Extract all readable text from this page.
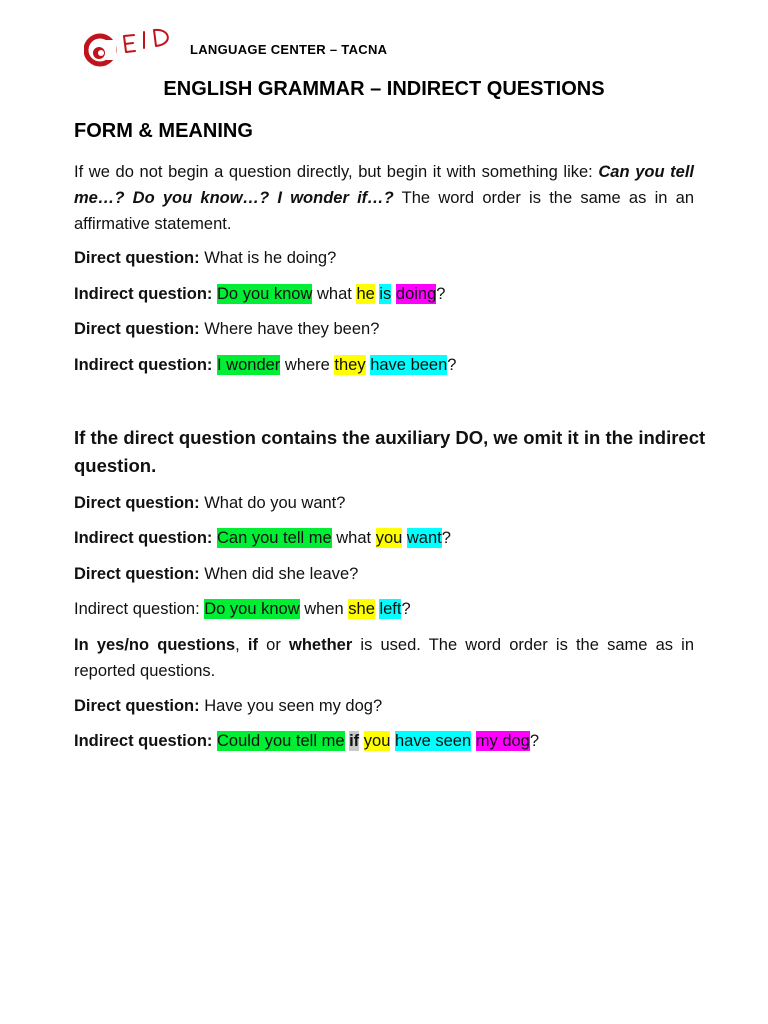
LANGUAGE CENTER – TACNA
ENGLISH GRAMMAR – INDIRECT QUESTIONS
FORM & MEANING
If we do not begin a question directly, but begin it with something like: Can you tell me…? Do you know…? I wonder if…? The word order is the same as in an affirmative statement.
Direct question: What is he doing?
Indirect question: Do you know what he is doing?
Direct question: Where have they been?
Indirect question: I wonder where they have been?
If the direct question contains the auxiliary DO, we omit it in the indirect question.
Direct question: What do you want?
Indirect question: Can you tell me what you want?
Direct question: When did she leave?
Indirect question: Do you know when she left?
In yes/no questions, if or whether is used. The word order is the same as in reported questions.
Direct question: Have you seen my dog?
Indirect question: Could you tell me if you have seen my dog?
